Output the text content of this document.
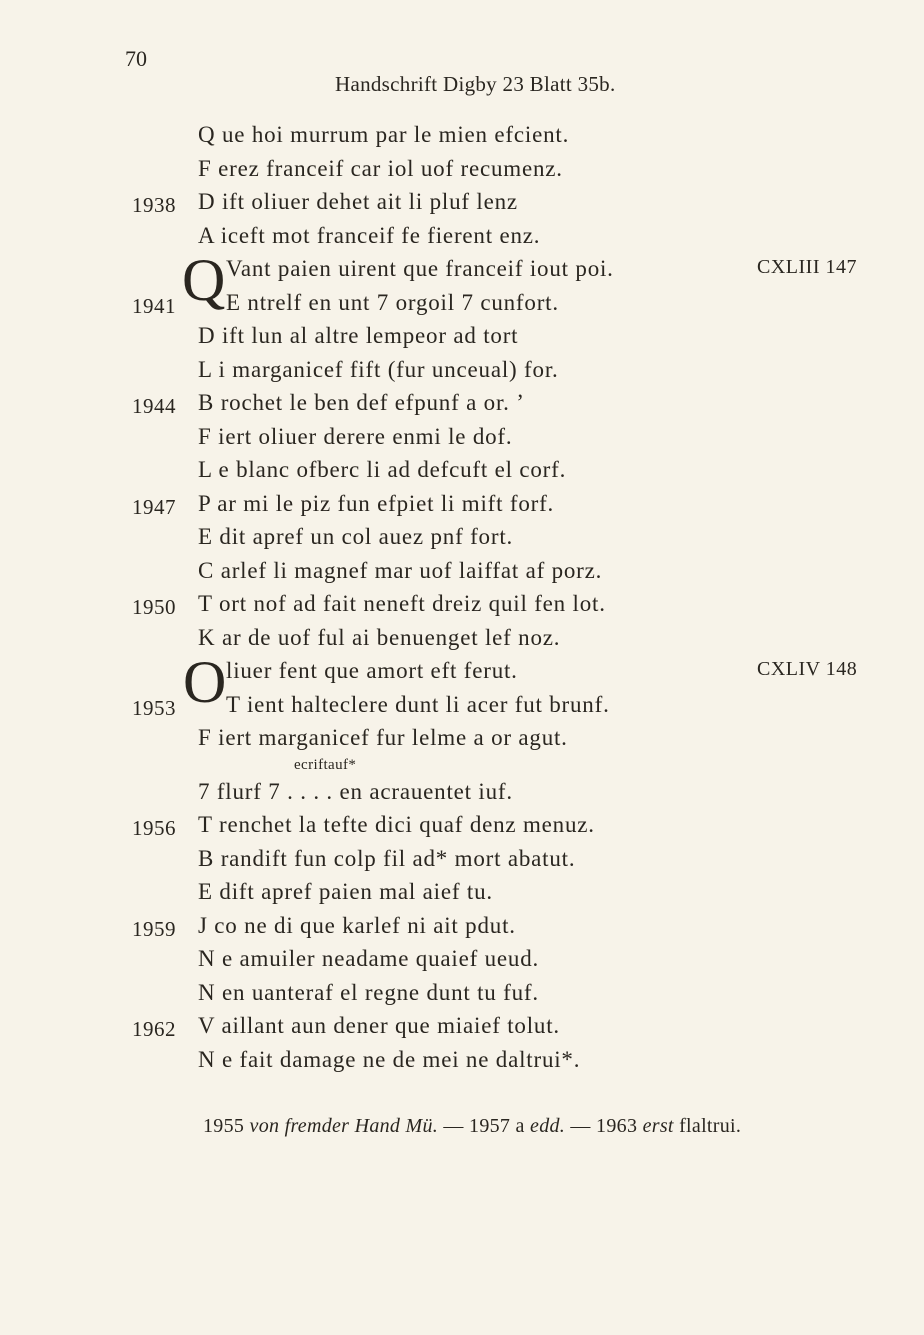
70
Handschrift Digby 23 Blatt 35b.
Q ue hoi murrum par le mien efcient.
F erez franceif car iol uof recumenz.
1938 D ift oliuer dehet ait li pluf lenz
A iceft mot franceif fe fierent enz.
Vant paien uirent que franceif iout poi.	CXLIII 147
1941 E ntrelf en unt 7 orgoil 7 cunfort.
D ift lun al altre lempeor ad tort
L i marganicef fift (fur unceual) for.
1944 B rochet le ben def efpunf a or. ’
F iert oliuer derere enmi le dof.
L e blanc ofberc li ad defcuft el corf.
1947 P ar mi le piz fun efpiet li mift forf.
E dit apref un col auez pnf fort.
C arlef li magnef mar uof laiffat af porz.
1950 T ort nof ad fait neneft dreiz quil fen lot.
K ar de uof ful ai benuenget lef noz.
liuer fent que amort eft ferut.	CXLIV 148
1953 T ient halteclere dunt li acer fut brunf.
F iert marganicef fur lelme a or agut.
ecriftauf*
7 flurf 7 . . . . en acrauentet iuf.
1956 T renchet la tefte dici quaf denz menuz.
B randift fun colp fil ad* mort abatut.
E dift apref paien mal aief tu.
1959 J co ne di que karlef ni ait pdut.
N e amuiler neadame quaief ueud.
N en uanteraf el regne dunt tu fuf.
1962 V aillant aun dener que miaief tolut.
N e fait damage ne de mei ne daltrui*.
Q
O
1955 von fremder Hand Mü. — 1957 a edd. — 1963 erst flaltrui.
